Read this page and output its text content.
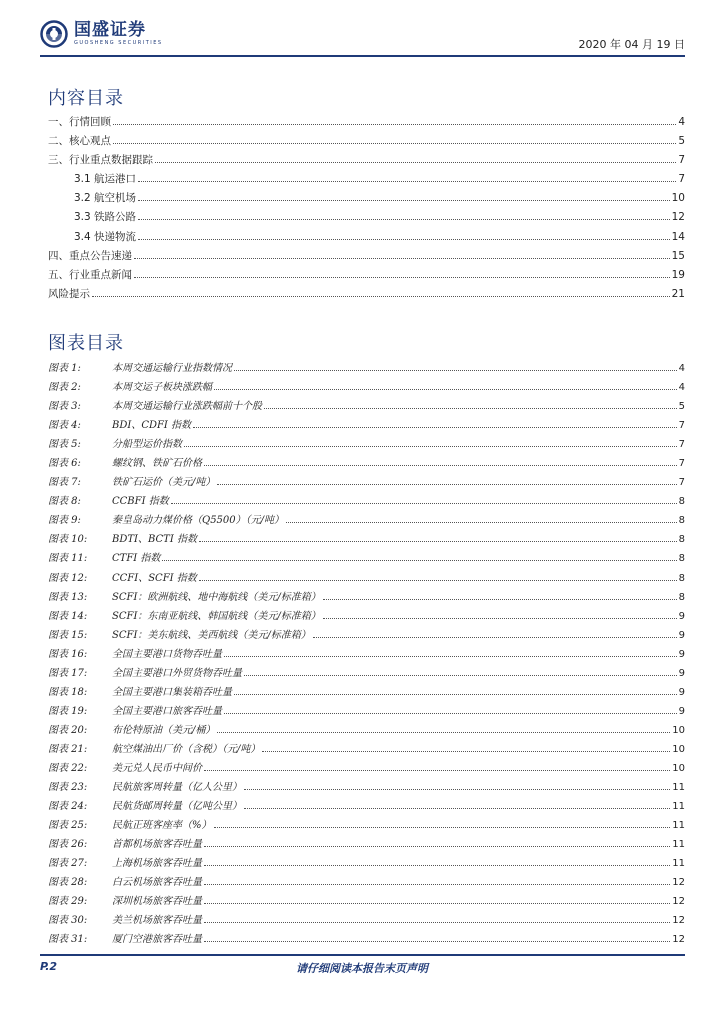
国盛证券
GUOSHENG SECURITIES	2020 年 04 月 19 日
内容目录
一、行情回顾	4
二、核心观点	5
三、行业重点数据跟踪	7
3.1 航运港口	7
3.2 航空机场	10
3.3 铁路公路	12
3.4 快递物流	14
四、重点公告速递	15
五、行业重点新闻	19
风险提示	21
图表目录
图表 1:	本周交通运输行业指数情况	4
图表 2:	本周交运子板块涨跌幅	4
图表 3:	本周交通运输行业涨跌幅前十个股	5
图表 4:	BDI、CDFI 指数	7
图表 5:	分船型运价指数	7
图表 6:	螺纹钢、铁矿石价格	7
图表 7:	铁矿石运价（美元/吨）	7
图表 8:	CCBFI 指数	8
图表 9:	秦皇岛动力煤价格（Q5500）（元/吨）	8
图表 10:	BDTI、BCTI 指数	8
图表 11:	CTFI 指数	8
图表 12:	CCFI、SCFI 指数	8
图表 13:	SCFI：欧洲航线、地中海航线（美元/标准箱）	8
图表 14:	SCFI：东南亚航线、韩国航线（美元/标准箱）	9
图表 15:	SCFI：美东航线、美西航线（美元/标准箱）	9
图表 16:	全国主要港口货物吞吐量	9
图表 17:	全国主要港口外贸货物吞吐量	9
图表 18:	全国主要港口集装箱吞吐量	9
图表 19:	全国主要港口旅客吞吐量	9
图表 20:	布伦特原油（美元/桶）	10
图表 21:	航空煤油出厂价（含税）（元/吨）	10
图表 22:	美元兑人民币中间价	10
图表 23:	民航旅客周转量（亿人公里）	11
图表 24:	民航货邮周转量（亿吨公里）	11
图表 25:	民航正班客座率（%）	11
图表 26:	首都机场旅客吞吐量	11
图表 27:	上海机场旅客吞吐量	11
图表 28:	白云机场旅客吞吐量	12
图表 29:	深圳机场旅客吞吐量	12
图表 30:	美兰机场旅客吞吐量	12
图表 31:	厦门空港旅客吞吐量	12
P.2	请仔细阅读本报告末页声明
